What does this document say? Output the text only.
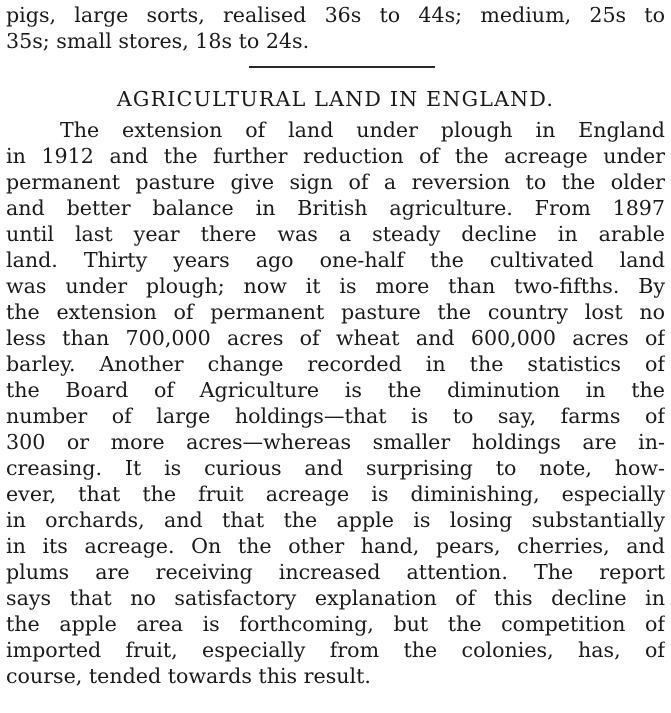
pigs, large sorts, realised 36s to 44s; medium, 25s to
35s; small stores, 18s to 24s.
AGRICULTURAL LAND IN ENGLAND.
The extension of land under plough in England
in 1912 and the further reduction of the acreage under
permanent pasture give sign of a reversion to the older
and better balance in British agriculture. From 1897
until last year there was a steady decline in arable
land. Thirty years ago one-half the cultivated land
was under plough; now it is more than two-fifths. By
the extension of permanent pasture the country lost no
less than 700,000 acres of wheat and 600,000 acres of
barley. Another change recorded in the statistics of
the Board of Agriculture is the diminution in the
number of large holdings—that is to say, farms of
300 or more acres—whereas smaller holdings are in-
creasing. It is curious and surprising to note, how-
ever, that the fruit acreage is diminishing, especially
in orchards, and that the apple is losing substantially
in its acreage. On the other hand, pears, cherries, and
plums are receiving increased attention. The report
says that no satisfactory explanation of this decline in
the apple area is forthcoming, but the competition of
imported fruit, especially from the colonies, has, of
course, tended towards this result.
